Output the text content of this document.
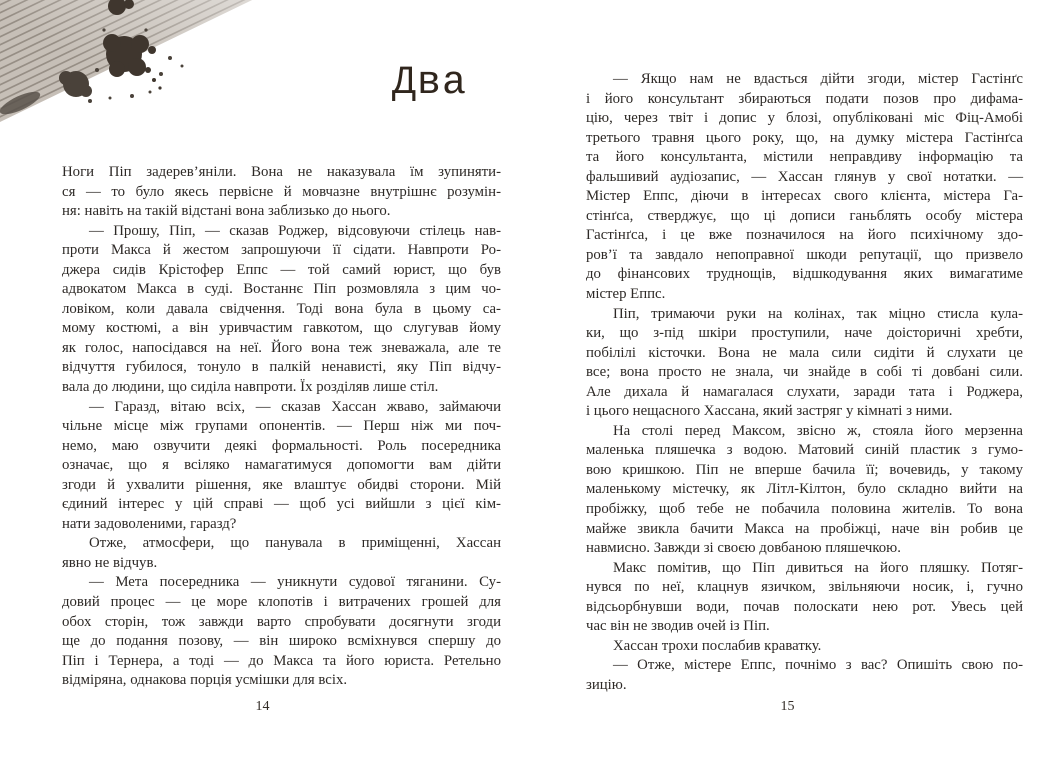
Два
Ноги Піп задерев’яніли. Вона не наказувала їм зупиняти-
ся — то було якесь первісне й мовчазне внутрішнє розумін-
ня: навіть на такій відстані вона заблизько до нього.
— Прошу, Піп, — сказав Роджер, відсовуючи стілець нав-
проти Макса й жестом запрошуючи її сідати. Навпроти Ро-
джера сидів Крістофер Еппс — той самий юрист, що був
адвокатом Макса в суді. Востаннє Піп розмовляла з цим чо-
ловіком, коли давала свідчення. Тоді вона була в цьому са-
мому костюмі, а він уривчастим гавкотом, що слугував йому
як голос, напосідався на неї. Його вона теж зневажала, але те
відчуття губилося, тонуло в палкій ненависті, яку Піп відчу-
вала до людини, що сиділа навпроти. Їх розділяв лише стіл.
— Гаразд, вітаю всіх, — сказав Хассан жваво, займаючи
чільне місце між групами опонентів. — Перш ніж ми поч-
немо, маю озвучити деякі формальності. Роль посередника
означає, що я всіляко намагатимуся допомогти вам дійти
згоди й ухвалити рішення, яке влаштує обидві сторони. Мій
єдиний інтерес у цій справі — щоб усі вийшли з цієї кім-
нати задоволеними, гаразд?
Отже, атмосфери, що панувала в приміщенні, Хассан
явно не відчув.
— Мета посередника — уникнути судової тяганини. Су-
довий процес — це море клопотів і витрачених грошей для
обох сторін, тож завжди варто спробувати досягнути згоди
ще до подання позову, — він широко всміхнувся спершу до
Піп і Тернера, а тоді — до Макса та його юриста. Ретельно
відміряна, однакова порція усмішки для всіх.
— Якщо нам не вдасться дійти згоди, містер Гастінґс
і його консультант збираються подати позов про дифама-
цію, через твіт і допис у блозі, опубліковані міс Фіц-Амобі
третього травня цього року, що, на думку містера Гастінґса
та його консультанта, містили неправдиву інформацію та
фальшивий аудіозапис, — Хассан глянув у свої нотатки. —
Містер Еппс, діючи в інтересах свого клієнта, містера Га-
стінґса, стверджує, що ці дописи ганьблять особу містера
Гастінґса, і це вже позначилося на його психічному здо-
ров’ї та завдало непоправної шкоди репутації, що призвело
до фінансових труднощів, відшкодування яких вимагатиме
містер Еппс.
Піп, тримаючи руки на колінах, так міцно стисла кула-
ки, що з-під шкіри проступили, наче доісторичні хребти,
побілілі кісточки. Вона не мала сили сидіти й слухати це
все; вона просто не знала, чи знайде в собі ті довбані сили.
Але дихала й намагалася слухати, заради тата і Роджера,
і цього нещасного Хассана, який застряг у кімнаті з ними.
На столі перед Максом, звісно ж, стояла його мерзенна
маленька пляшечка з водою. Матовий синій пластик з гумо-
вою кришкою. Піп не вперше бачила її; вочевидь, у такому
маленькому містечку, як Літл-Кілтон, було складно вийти на
пробіжку, щоб тебе не побачила половина жителів. То вона
майже звикла бачити Макса на пробіжці, наче він робив це
навмисно. Завжди зі своєю довбаною пляшечкою.
Макс помітив, що Піп дивиться на його пляшку. Потяг-
нувся по неї, клацнув язичком, звільняючи носик, і, гучно
відсьорбнувши води, почав полоскати нею рот. Увесь цей
час він не зводив очей із Піп.
Хассан трохи послабив краватку.
— Отже, містере Еппс, почнімо з вас? Опишіть свою по-
зицію.
14	15
